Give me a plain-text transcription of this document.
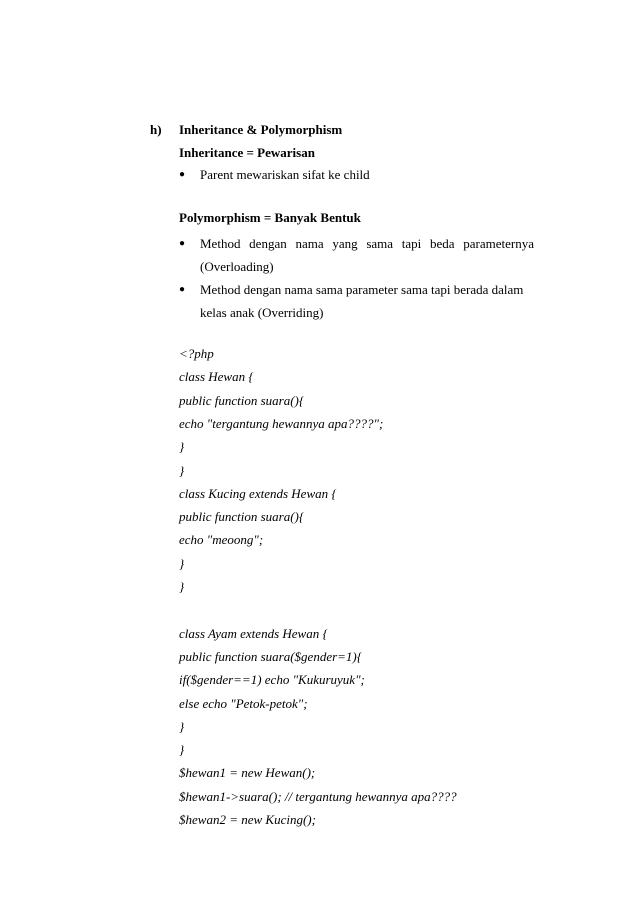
h) Inheritance & Polymorphism
Inheritance = Pewarisan
● Parent mewariskan sifat ke child
Polymorphism = Banyak Bentuk
● Method dengan nama yang sama tapi beda parameternya
(Overloading)
● Method dengan nama sama parameter sama tapi berada dalam
kelas anak (Overriding)
<?php
class Hewan {
public function suara(){
echo "tergantung hewannya apa????";
}
}
class Kucing extends Hewan {
public function suara(){
echo "meoong";
}
}
class Ayam extends Hewan {
public function suara($gender=1){
if($gender==1) echo "Kukuruyuk";
else echo "Petok-petok";
}
}
$hewan1 = new Hewan();
$hewan1->suara(); // tergantung hewannya apa????
$hewan2 = new Kucing();
